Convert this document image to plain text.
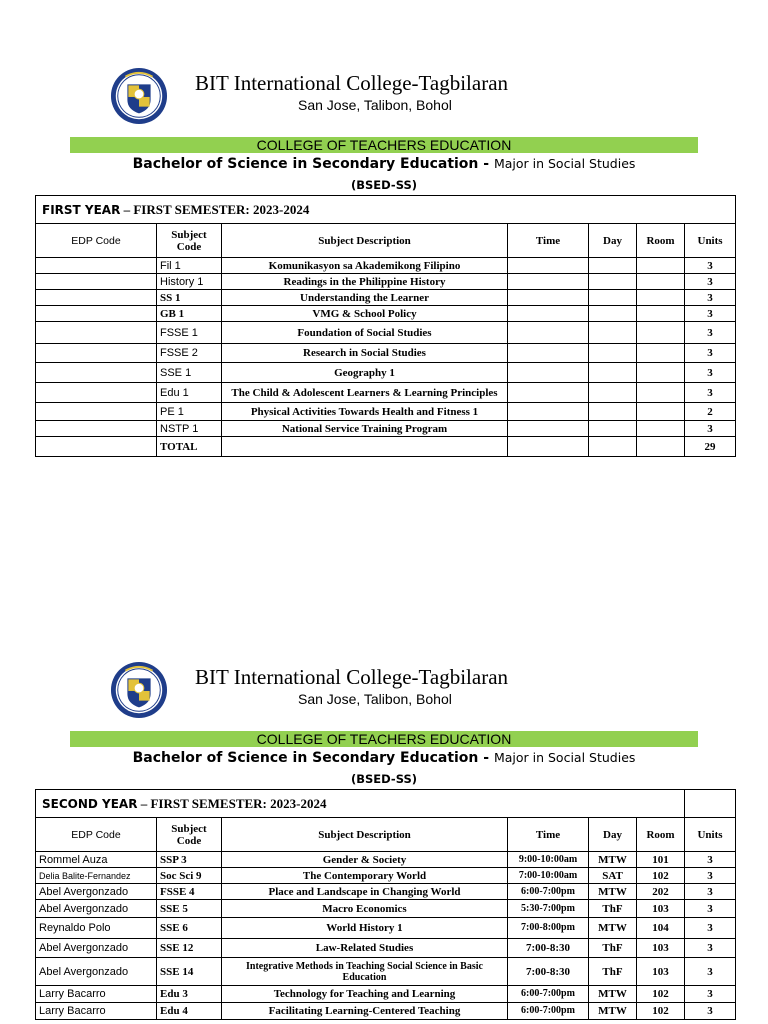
BIT International College-Tagbilaran
San Jose, Talibon, Bohol
COLLEGE OF TEACHERS EDUCATION
Bachelor of Science in Secondary Education - Major in Social Studies
(BSED-SS)
FIRST YEAR – FIRST SEMESTER: 2023-2024						
EDP Code	Subject Code	Subject Description	Time	Day	Room	Units
	Fil 1	Komunikasyon sa Akademikong Filipino				3
	History 1	Readings in the Philippine History				3
	SS 1	Understanding the Learner				3
	GB 1	VMG & School Policy				3
	FSSE 1	Foundation of Social Studies				3
	FSSE 2	Research in Social Studies				3
	SSE 1	Geography 1				3
	Edu 1	The Child & Adolescent Learners & Learning Principles				3
	PE 1	Physical Activities Towards Health and Fitness 1				2
	NSTP 1	National Service Training Program				3
	TOTAL					29
BIT International College-Tagbilaran
San Jose, Talibon, Bohol
COLLEGE OF TEACHERS EDUCATION
Bachelor of Science in Secondary Education - Major in Social Studies
(BSED-SS)
SECOND YEAR – FIRST SEMESTER: 2023-2024						
EDP Code	Subject Code	Subject Description	Time	Day	Room	Units
Rommel Auza	SSP 3	Gender & Society	9:00-10:00am	MTW	101	3
Delia Balite-Fernandez	Soc Sci 9	The Contemporary World	7:00-10:00am	SAT	102	3
Abel Avergonzado	FSSE 4	Place and Landscape in Changing World	6:00-7:00pm	MTW	202	3
Abel Avergonzado	SSE 5	Macro Economics	5:30-7:00pm	ThF	103	3
Reynaldo Polo	SSE 6	World History 1	7:00-8:00pm	MTW	104	3
Abel Avergonzado	SSE 12	Law-Related Studies	7:00-8:30	ThF	103	3
Abel Avergonzado	SSE 14	Integrative Methods in Teaching Social Science in Basic Education	7:00-8:30	ThF	103	3
Larry Bacarro	Edu 3	Technology for Teaching and Learning	6:00-7:00pm	MTW	102	3
Larry Bacarro	Edu 4	Facilitating Learning-Centered Teaching	6:00-7:00pm	MTW	102	3
